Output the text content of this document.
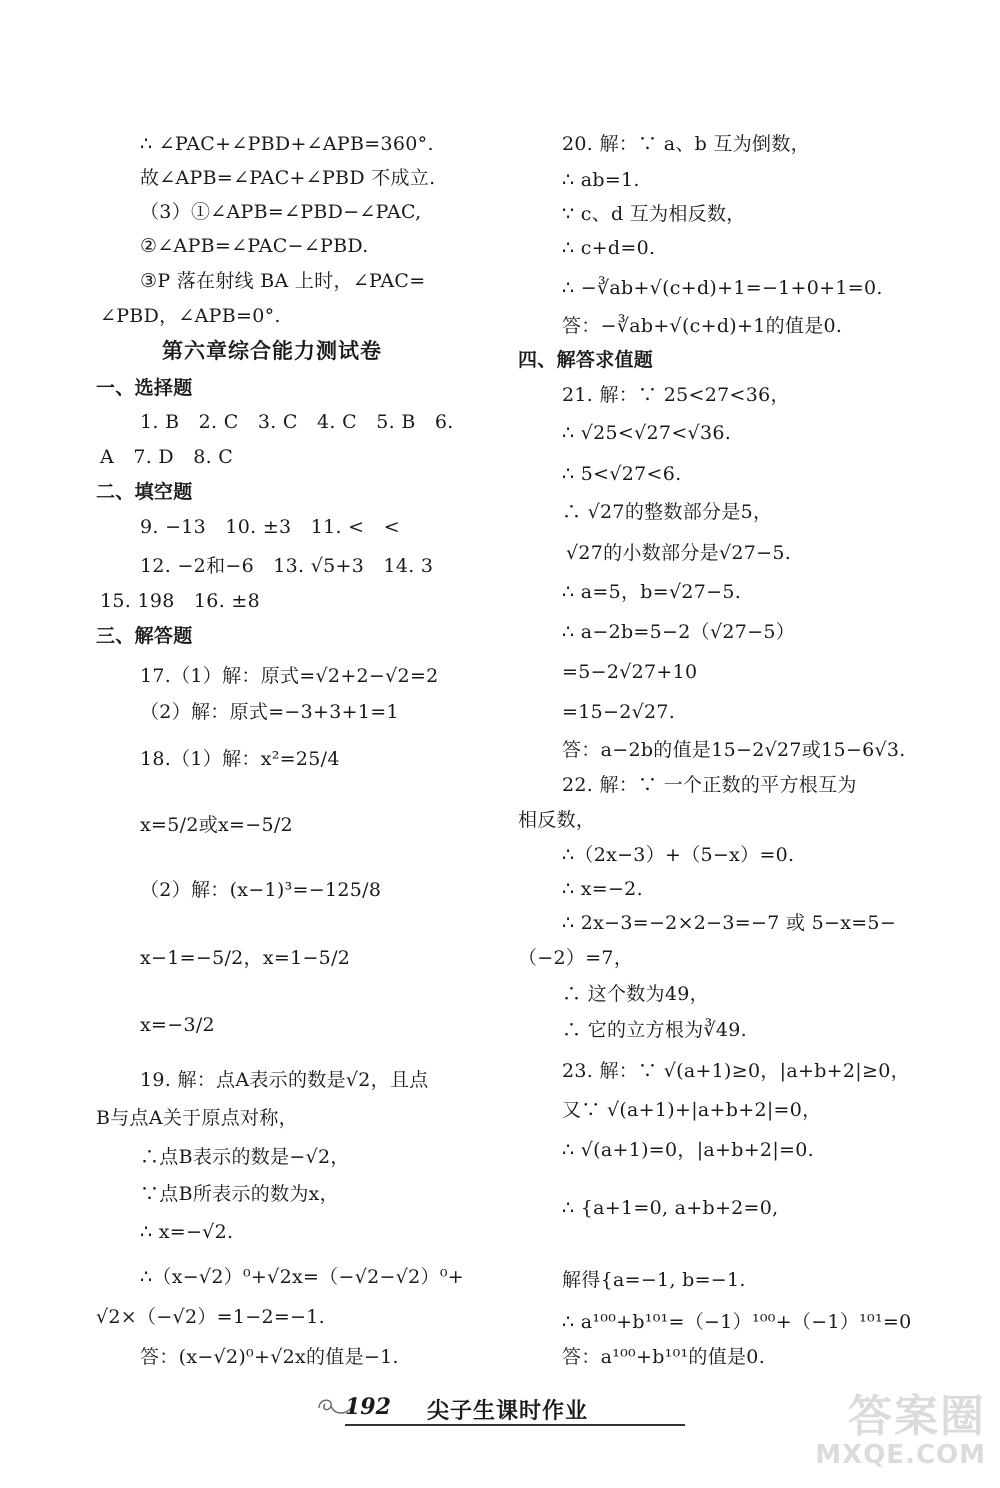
∴ ∠PAC+∠PBD+∠APB=360°.
故∠APB=∠PAC+∠PBD 不成立.
（3）①∠APB=∠PBD−∠PAC,
②∠APB=∠PAC−∠PBD.
③P 落在射线 BA 上时，∠PAC=
∠PBD，∠APB=0°.
第六章综合能力测试卷
一、选择题
1. B　2. C　3. C　4. C　5. B　6.
A　7. D　8. C
二、填空题
9. −13　10. ±3　11. <　<
12. −2和−6　13. √5+3　14. 3
15. 198　16. ±8
三、解答题
17.（1）解：原式=√2+2−√2=2
（2）解：原式=−3+3+1=1
18.（1）解：x²=25/4
x=5/2或x=−5/2
（2）解：(x−1)³=−125/8
x−1=−5/2，x=1−5/2
x=−3/2
19. 解：点A表示的数是√2，且点
B与点A关于原点对称，
∴点B表示的数是−√2，
∵点B所表示的数为x，
∴ x=−√2.
∴（x−√2）⁰+√2x=（−√2−√2）⁰+
√2×（−√2）=1−2=−1.
答：(x−√2)⁰+√2x的值是−1.
20. 解：∵ a、b 互为倒数，
∴ ab=1.
∵ c、d 互为相反数，
∴ c+d=0.
∴ −∛ab+√(c+d)+1=−1+0+1=0.
答：−∛ab+√(c+d)+1的值是0.
四、解答求值题
21. 解：∵ 25<27<36，
∴ √25<√27<√36.
∴ 5<√27<6.
∴ √27的整数部分是5，
√27的小数部分是√27−5.
∴ a=5，b=√27−5.
∴ a−2b=5−2（√27−5）
=5−2√27+10
=15−2√27.
答：a−2b的值是15−2√27或15−6√3.
22. 解：∵ 一个正数的平方根互为
相反数，
∴（2x−3）+（5−x）=0.
∴ x=−2.
∴ 2x−3=−2×2−3=−7 或 5−x=5−
（−2）=7，
∴ 这个数为49，
∴ 它的立方根为∛49.
23. 解：∵ √(a+1)≥0，|a+b+2|≥0，
又∵ √(a+1)+|a+b+2|=0，
∴ √(a+1)=0，|a+b+2|=0.
∴ {a+1=0, a+b+2=0,
解得{a=−1, b=−1.
∴ a¹⁰⁰+b¹⁰¹=（−1）¹⁰⁰+（−1）¹⁰¹=0
答：a¹⁰⁰+b¹⁰¹的值是0.
192 尖子生课时作业	答案圈
MXQE.COM
